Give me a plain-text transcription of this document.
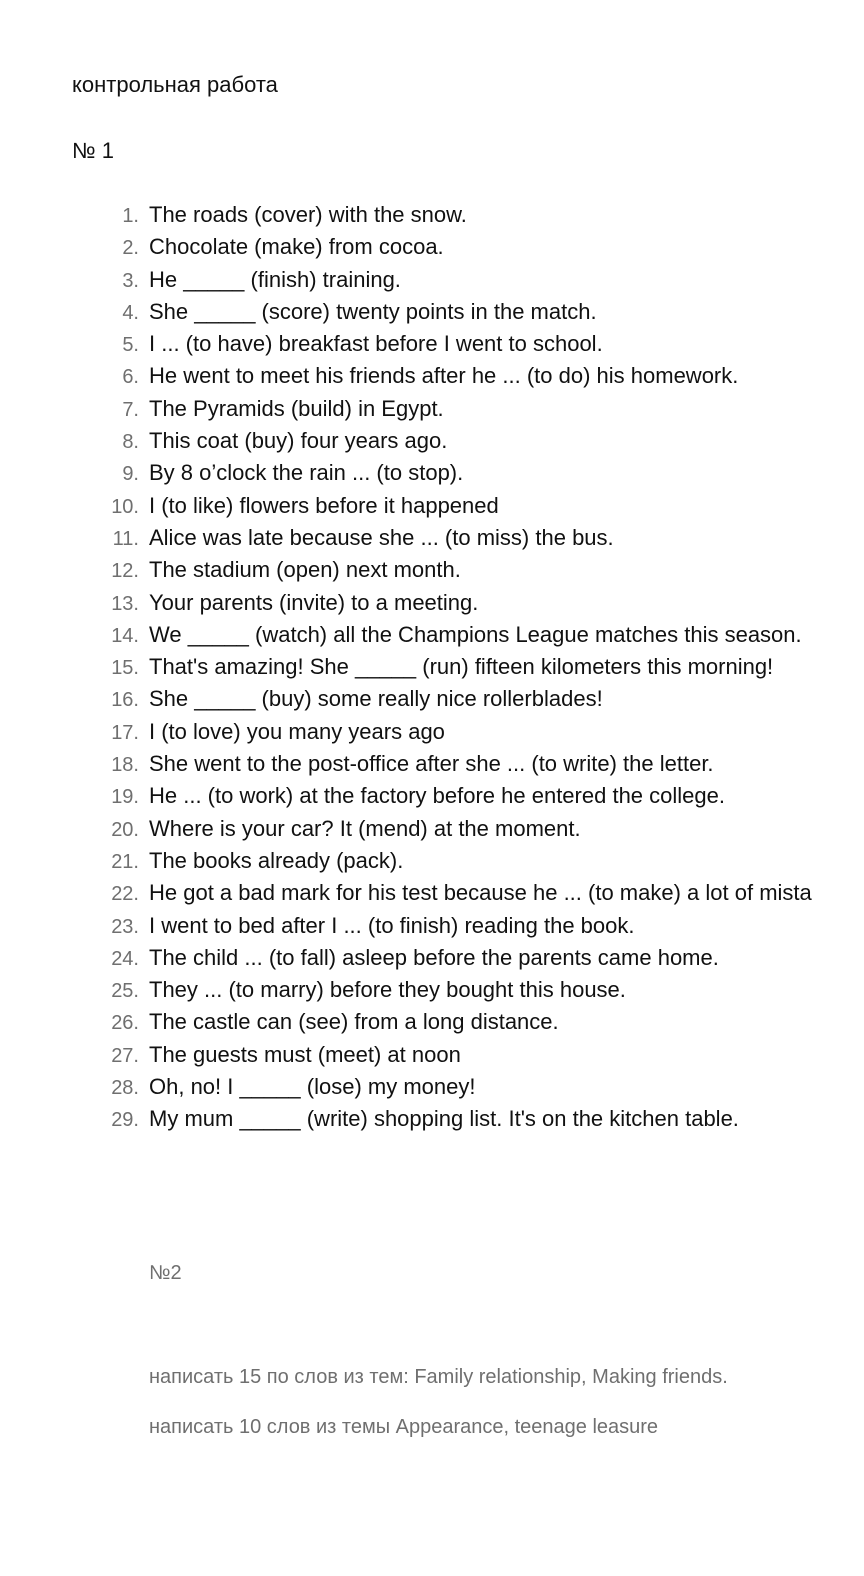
контрольная работа
№ 1
1. The roads (cover) with the snow.
2. Chocolate (make) from cocoa.
3. He _____ (finish) training.
4. She _____ (score) twenty points in the match.
5. I ... (to have) breakfast before I went to school.
6. He went to meet his friends after he ... (to do) his homework.
7. The Pyramids (build) in Egypt.
8. This coat (buy) four years ago.
9. By 8 o’clock the rain ... (to stop).
10. I (to like) flowers before it happened
11. Alice was late because she ... (to miss) the bus.
12. The stadium (open) next month.
13. Your parents (invite) to a meeting.
14. We _____ (watch) all the Champions League matches this season.
15. That's amazing! She _____ (run) fifteen kilometers this morning!
16. She _____ (buy) some really nice rollerblades!
17. I (to love) you many years ago
18. She went to the post-office after she ... (to write) the letter.
19. He ... (to work) at the factory before he entered the college.
20. Where is your car? It (mend) at the moment.
21. The books already (pack).
22. He got a bad mark for his test because he ... (to make) a lot of mista
23. I went to bed after I ... (to finish) reading the book.
24. The child ... (to fall) asleep before the parents came home.
25. They ... (to marry) before they bought this house.
26. The castle can (see) from a long distance.
27. The guests must (meet) at noon
28. Oh, no! I _____ (lose) my money!
29. My mum _____ (write) shopping list. It's on the kitchen table.
№2
написать 15 по слов из тем: Family relationship, Making friends.
написать 10 слов из темы Appearance, teenage leasure
